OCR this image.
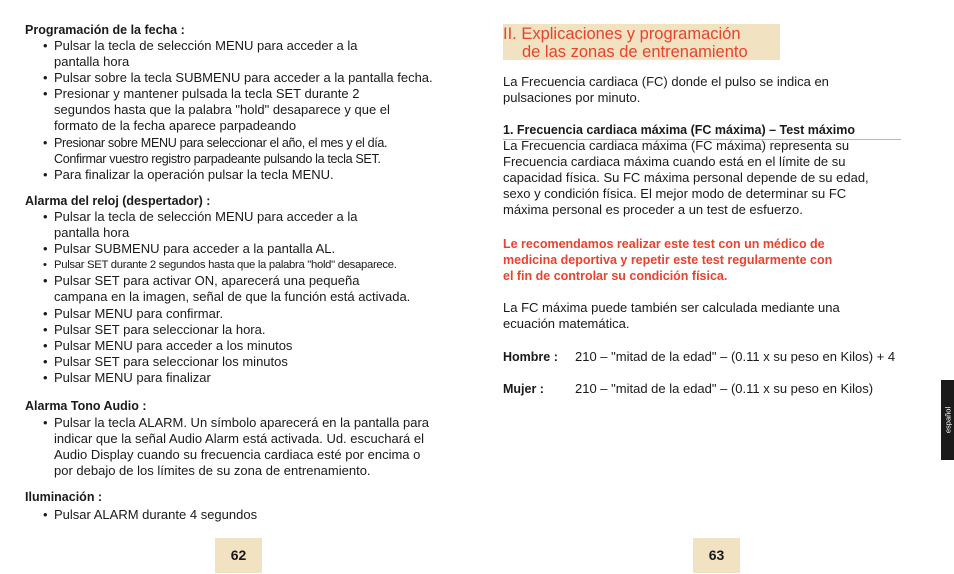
Programación de la fecha :
• Pulsar la tecla de selección MENU para acceder a la
pantalla hora
• Pulsar sobre la tecla SUBMENU para acceder a la pantalla fecha.
• Presionar y mantener pulsada la tecla SET durante 2
segundos hasta que la palabra "hold" desaparece y que el
formato de la fecha aparece parpadeando
• Presionar sobre MENU para seleccionar el año, el mes y el día.
Confirmar vuestro registro parpadeante pulsando la tecla SET.
• Para finalizar la operación pulsar la tecla MENU.
Alarma del reloj (despertador) :
• Pulsar la tecla de selección MENU para acceder a la
pantalla hora
• Pulsar SUBMENU para acceder a la pantalla AL.
• Pulsar SET durante 2 segundos hasta que la palabra "hold" desaparece.
• Pulsar SET para activar ON, aparecerá una pequeña
campana en la imagen, señal de que la función está activada.
• Pulsar MENU para confirmar.
• Pulsar SET para seleccionar la hora.
• Pulsar MENU para acceder a los minutos
• Pulsar SET para seleccionar los minutos
• Pulsar MENU para finalizar
Alarma Tono Audio :
• Pulsar la tecla ALARM. Un símbolo aparecerá en la pantalla para
indicar que la señal Audio Alarm está activada. Ud. escuchará el
Audio Display cuando su frecuencia cardiaca esté por encima o
por debajo de los límites de su zona de entrenamiento.
Iluminación :
• Pulsar ALARM durante 4 segundos
62
II. Explicaciones y programación
de las zonas de entrenamiento

La Frecuencia cardiaca (FC) donde el pulso se indica en
pulsaciones por minuto.

1. Frecuencia cardiaca máxima (FC máxima) – Test máximo

La Frecuencia cardiaca máxima (FC máxima) representa su
Frecuencia cardiaca máxima cuando está en el límite de su
capacidad física. Su FC máxima personal depende de su edad,
sexo y condición física. El mejor modo de determinar su FC
máxima personal es proceder a un test de esfuerzo.

Le recomendamos realizar este test con un médico de
medicina deportiva y repetir este test regularmente con
el fin de controlar su condición física.

La FC máxima puede también ser calculada mediante una
ecuación matemática.

Hombre : 210 – "mitad de la edad" – (0.11 x su peso en Kilos) + 4
Mujer : 210 – "mitad de la edad" – (0.11 x su peso en Kilos)
63
español
